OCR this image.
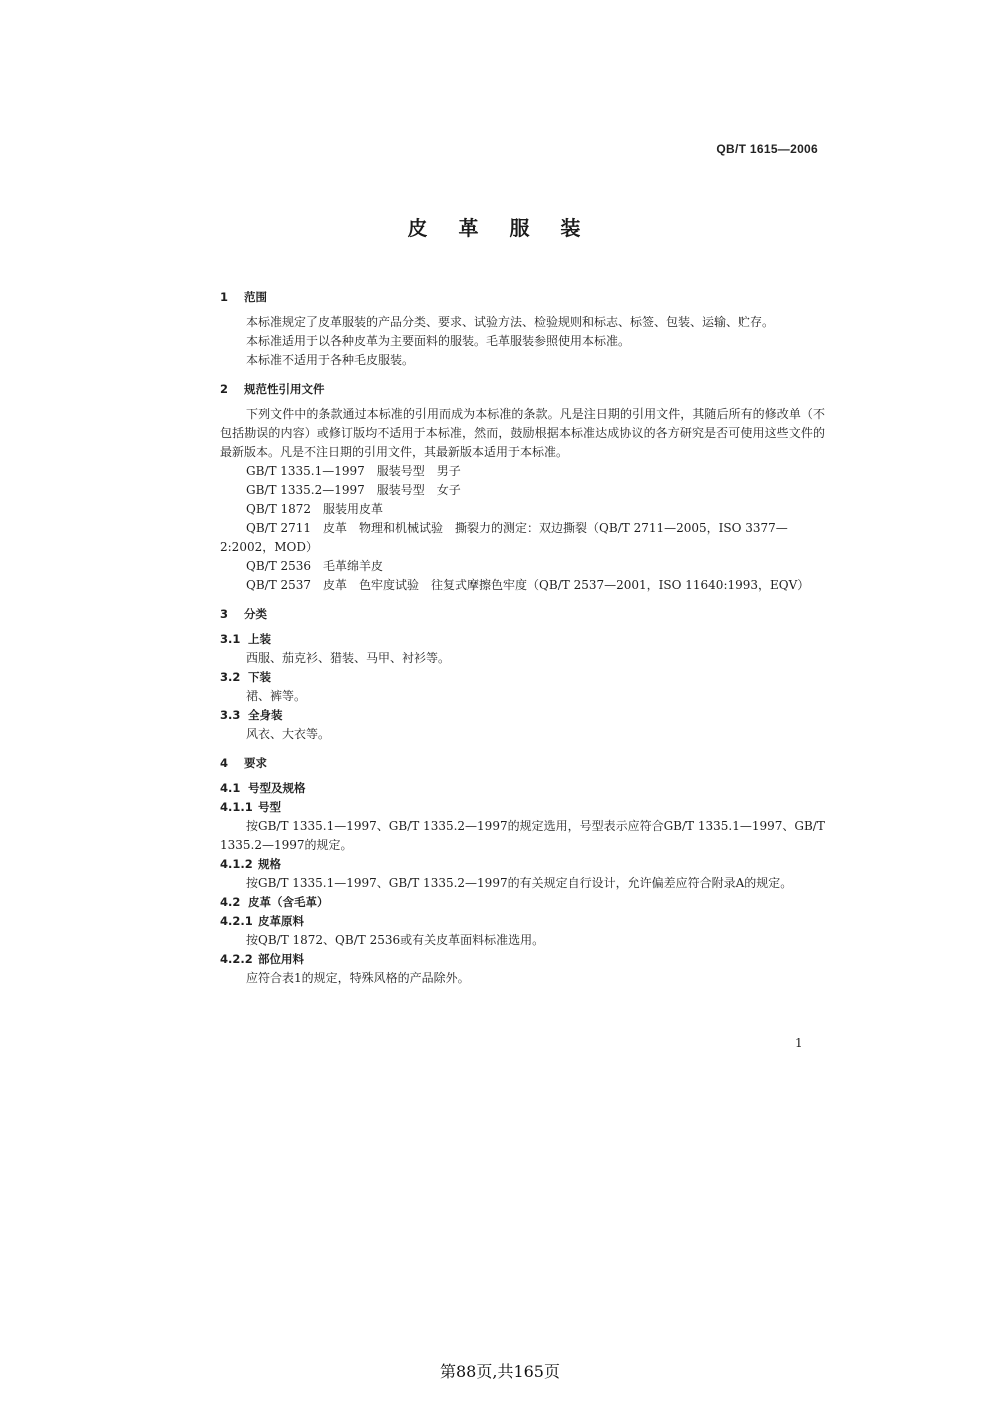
QB/T 1615—2006
皮 革 服 装
1	范围
本标准规定了皮革服装的产品分类、要求、试验方法、检验规则和标志、标签、包装、运输、贮存。
本标准适用于以各种皮革为主要面料的服装。毛革服装参照使用本标准。
本标准不适用于各种毛皮服装。
2	规范性引用文件
下列文件中的条款通过本标准的引用而成为本标准的条款。凡是注日期的引用文件，其随后所有的修改单（不包括勘误的内容）或修订版均不适用于本标准，然而，鼓励根据本标准达成协议的各方研究是否可使用这些文件的最新版本。凡是不注日期的引用文件，其最新版本适用于本标准。
GB/T 1335.1—1997　服装号型　男子
GB/T 1335.2—1997　服装号型　女子
QB/T 1872　服装用皮革
QB/T 2711　皮革　物理和机械试验　撕裂力的测定：双边撕裂（QB/T 2711—2005，ISO 3377—
2:2002，MOD）
QB/T 2536　毛革绵羊皮
QB/T 2537　皮革　色牢度试验　往复式摩擦色牢度（QB/T 2537—2001，ISO 11640:1993，EQV）
3	分类
3.1 上装
西服、茄克衫、猎装、马甲、衬衫等。
3.2 下装
裙、裤等。
3.3 全身装
风衣、大衣等。
4	要求
4.1 号型及规格
4.1.1 号型
按GB/T 1335.1—1997、GB/T 1335.2—1997的规定选用，号型表示应符合GB/T 1335.1—1997、GB/T
1335.2—1997的规定。
4.1.2 规格
按GB/T 1335.1—1997、GB/T 1335.2—1997的有关规定自行设计，允许偏差应符合附录A的规定。
4.2 皮革（含毛革）
4.2.1 皮革原料
按QB/T 1872、QB/T 2536或有关皮革面料标准选用。
4.2.2 部位用料
应符合表1的规定，特殊风格的产品除外。
1
第88页,共165页
